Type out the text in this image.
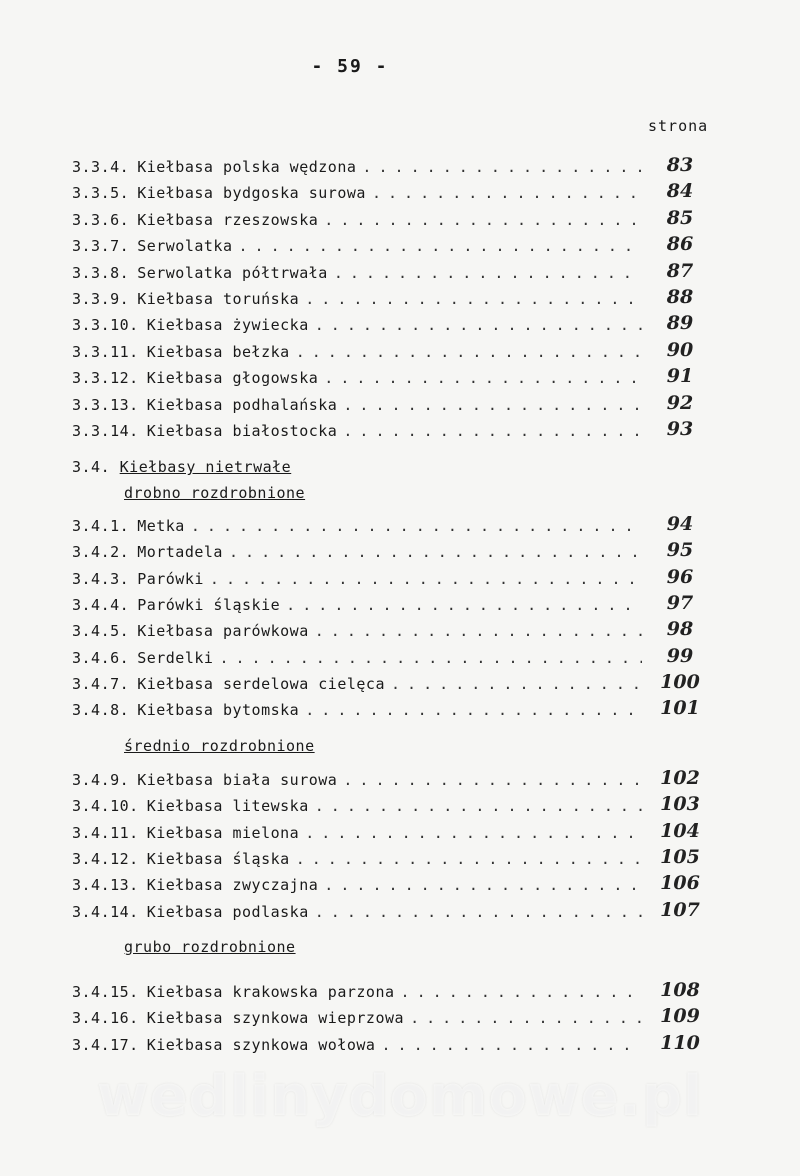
- 59 -
strona
3.3.4. Kiełbasa polska wędzona . . .	83
3.3.5. Kiełbasa bydgoska surowa . . .	84
3.3.6. Kiełbasa rzeszowska . . .	85
3.3.7. Serwolatka . . .	86
3.3.8. Serwolatka półtrwała . . .	87
3.3.9. Kiełbasa toruńska . . .	88
3.3.10. Kiełbasa żywiecka . . .	89
3.3.11. Kiełbasa bełzka . . .	90
3.3.12. Kiełbasa głogowska . . .	91
3.3.13. Kiełbasa podhalańska . . .	92
3.3.14. Kiełbasa białostocka . . .	93
3.4. Kiełbasy nietrwałe
drobno rozdrobnione
3.4.1. Metka . . .	94
3.4.2. Mortadela . . .	95
3.4.3. Parówki . . .	96
3.4.4. Parówki śląskie . . .	97
3.4.5. Kiełbasa parówkowa . . .	98
3.4.6. Serdelki . . .	99
3.4.7. Kiełbasa serdelowa cielęca . . .	100
3.4.8. Kiełbasa bytomska . . .	101
średnio rozdrobnione
3.4.9. Kiełbasa biała surowa . . .	102
3.4.10. Kiełbasa litewska . . .	103
3.4.11. Kiełbasa mielona . . .	104
3.4.12. Kiełbasa śląska . . .	105
3.4.13. Kiełbasa zwyczajna . . .	106
3.4.14. Kiełbasa podlaska . . .	107
grubo rozdrobnione
3.4.15. Kiełbasa krakowska parzona . . .	108
3.4.16. Kiełbasa szynkowa wieprzowa . . .	109
3.4.17. Kiełbasa szynkowa wołowa . . .	110
wedlinydomowe.pl
